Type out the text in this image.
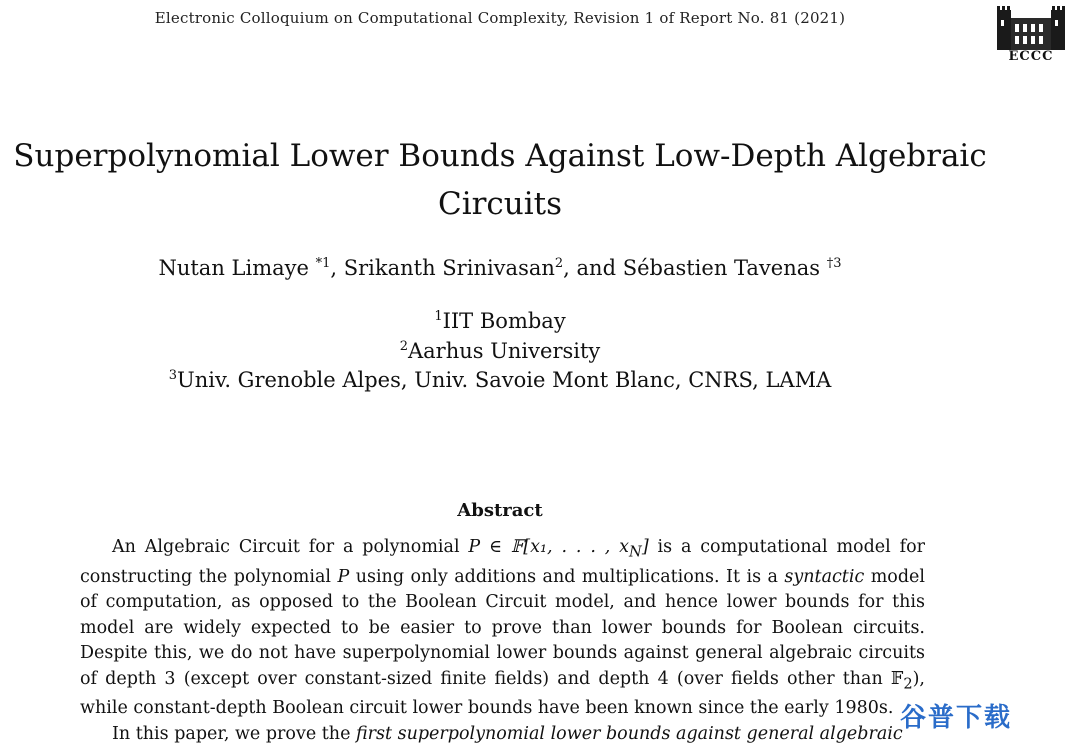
Electronic Colloquium on Computational Complexity, Revision 1 of Report No. 81 (2021)
ECCC
Superpolynomial Lower Bounds Against Low-Depth Algebraic
Circuits
Nutan Limaye $^{*1}$, Srikanth Srinivasan$^2$, and Sébastien Tavenas $^{\dagger 3}$
$^1$IIT Bombay
$^2$Aarhus University
$^3$Univ. Grenoble Alpes, Univ. Savoie Mont Blanc, CNRS, LAMA
Abstract

An Algebraic Circuit for a polynomial P ∈ 𝔽[x₁, . . . , $x_N$] is a computational model for constructing the polynomial P using only additions and multiplications. It is a syntactic model of computation, as opposed to the Boolean Circuit model, and hence lower bounds for this model are widely expected to be easier to prove than lower bounds for Boolean circuits. Despite this, we do not have superpolynomial lower bounds against general algebraic circuits of depth 3 (except over constant-sized finite fields) and depth 4 (over fields other than 𝔽$_2$), while constant-depth Boolean circuit lower bounds have been known since the early 1980s.

In this paper, we prove the first superpolynomial lower bounds against general algebraic

谷普下载
